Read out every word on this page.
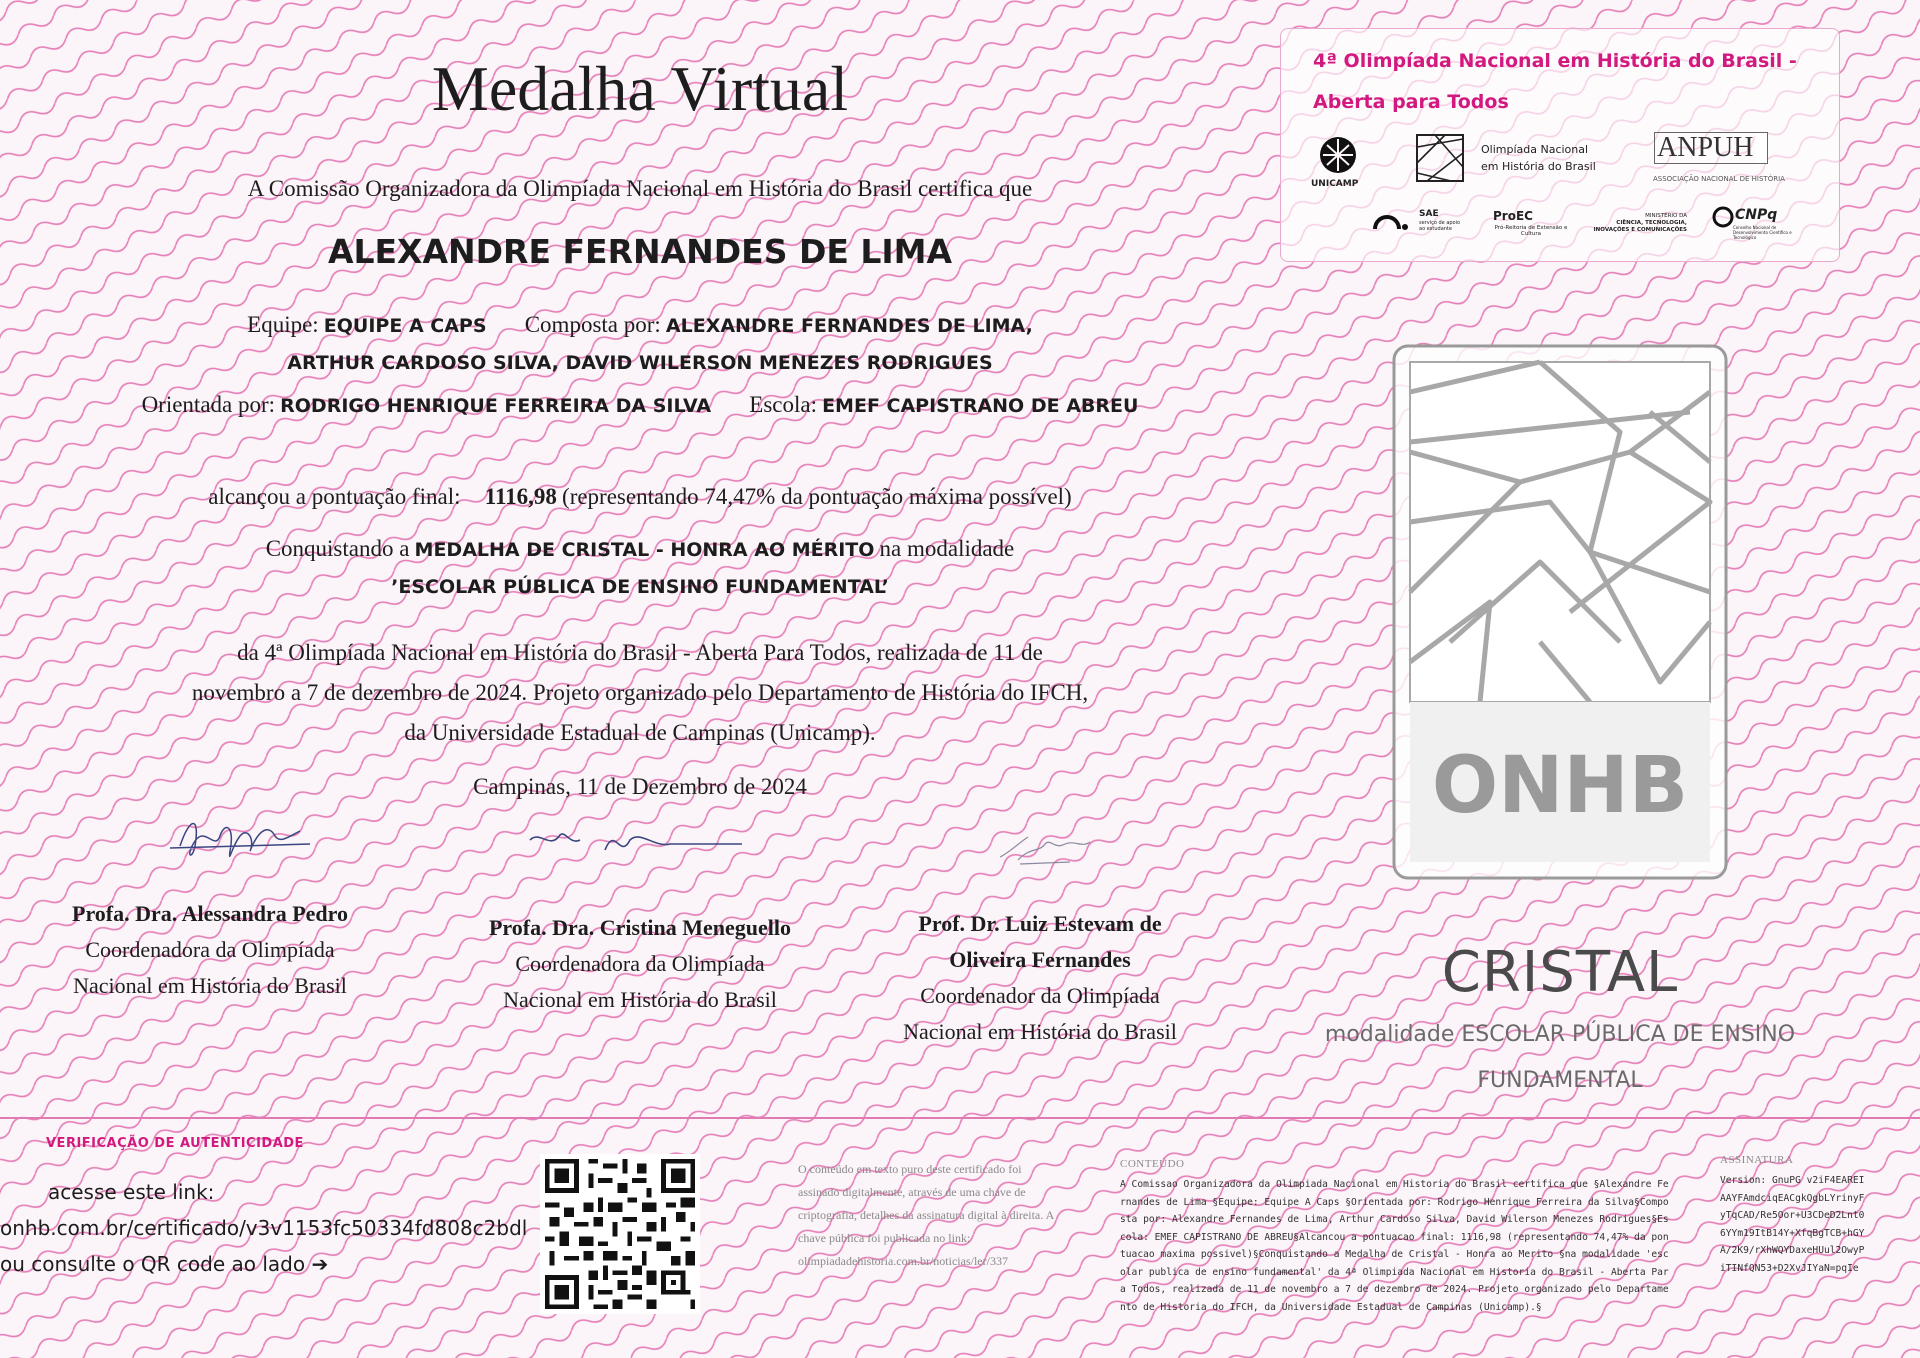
Medalha Virtual
A Comissão Organizadora da Olimpíada Nacional em História do Brasil certifica que
ALEXANDRE FERNANDES DE LIMA
Equipe: EQUIPE A CAPS Composta por: ALEXANDRE FERNANDES DE LIMA,
ARTHUR CARDOSO SILVA, DAVID WILERSON MENEZES RODRIGUES
Orientada por: RODRIGO HENRIQUE FERREIRA DA SILVA Escola: EMEF CAPISTRANO DE ABREU
alcançou a pontuação final: 1116,98 (representando 74,47% da pontuação máxima possível)
Conquistando a MEDALHA DE CRISTAL - HONRA AO MÉRITO na modalidade
’ESCOLAR PÚBLICA DE ENSINO FUNDAMENTAL’
da 4ª Olimpíada Nacional em História do Brasil - Aberta Para Todos, realizada de 11 de
novembro a 7 de dezembro de 2024. Projeto organizado pelo Departamento de História do IFCH,
da Universidade Estadual de Campinas (Unicamp).
Campinas, 11 de Dezembro de 2024
Profa. Dra. Alessandra Pedro
Coordenadora da Olimpíada
Nacional em História do Brasil
Profa. Dra. Cristina Meneguello
Coordenadora da Olimpíada
Nacional em História do Brasil
Prof. Dr. Luiz Estevam de
Oliveira Fernandes
Coordenador da Olimpíada
Nacional em História do Brasil
4ª Olimpíada Nacional em História do Brasil -
Aberta para Todos
UNICAMP
Olimpíada Nacional
em História do Brasil
ANPUH
ASSOCIAÇÃO NACIONAL DE HISTÓRIA
SAE
serviço de apoio ao estudante
ProEC
Pró-Reitoria de Extensão e Cultura
MINISTÉRIO DA
CIÊNCIA, TECNOLOGIA,
INOVAÇÕES E COMUNICAÇÕES
CNPq
Conselho Nacional de Desenvolvimento Científico e Tecnológico
ONHB
CRISTAL
modalidade ESCOLAR PÚBLICA DE ENSINO
FUNDAMENTAL
VERIFICAÇÃO DE AUTENTICIDADE
acesse este link:
onhb.com.br/certificado/v3v1153fc50334fd808c2bdl
ou consulte o QR code ao lado ➔
O conteúdo em texto puro deste certificado foi assinado digitalmente, através de uma chave de criptografia, detalhes da assinatura digital à direita. A chave pública foi publicada no link: olimpiadadehistoria.com.br/noticias/ler/337
CONTEÚDO
A Comissao Organizadora da Olimpiada Nacional em Historia do Brasil certifica que §Alexandre Fernandes de Lima §Equipe: Equipe A Caps §Orientada por: Rodrigo Henrique Ferreira da Silva§Composta por: Alexandre Fernandes de Lima, Arthur Cardoso Silva, David Wilerson Menezes Rodrigues§Escola: EMEF CAPISTRANO DE ABREU§Alcancou a pontuacao final: 1116,98 (representando 74,47% da pontuacao maxima possivel)§Conquistando a Medalha de Cristal - Honra ao Merito §na modalidade 'escolar publica de ensino fundamental' da 4ª Olimpiada Nacional em Historia do Brasil - Aberta Para Todos, realizada de 11 de novembro a 7 de dezembro de 2024. Projeto organizado pelo Departamento de Historia do IFCH, da Universidade Estadual de Campinas (Unicamp).§
ASSINATURA
Version: GnuPG v2iF4EAREIAAYFAmdciqEACgkQgbLYrinyFyTqCAD/Re5Oor+U3CDeD2Lnt06YYm19ItB14Y+XfqBgTCB+hGYA/2K9/rXhWQYDaxeHUul2OwyPiTINfQN53+D2XvJIYaN=pqIe
